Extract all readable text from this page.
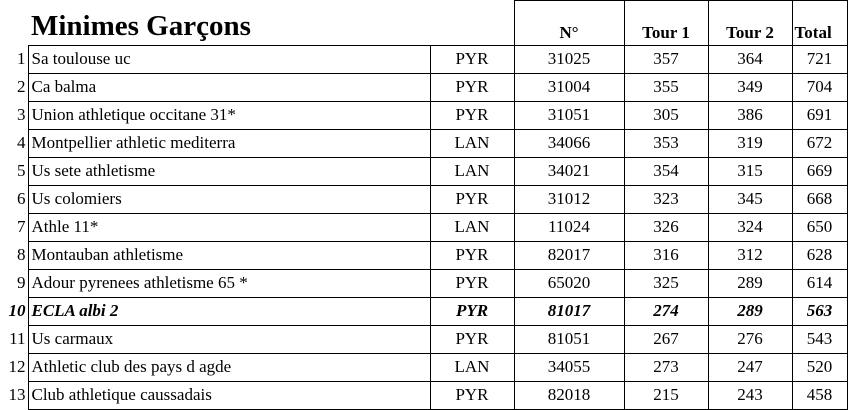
	Minimes Garçons		N°	Tour 1	Tour 2	Total
1	Sa toulouse uc	PYR	31025	357	364	721
2	Ca balma	PYR	31004	355	349	704
3	Union athletique occitane 31*	PYR	31051	305	386	691
4	Montpellier athletic mediterra	LAN	34066	353	319	672
5	Us sete athletisme	LAN	34021	354	315	669
6	Us colomiers	PYR	31012	323	345	668
7	Athle 11*	LAN	11024	326	324	650
8	Montauban athletisme	PYR	82017	316	312	628
9	Adour pyrenees athletisme 65 *	PYR	65020	325	289	614
10	ECLA albi 2	PYR	81017	274	289	563
11	Us carmaux	PYR	81051	267	276	543
12	Athletic club des pays d agde	LAN	34055	273	247	520
13	Club athletique caussadais	PYR	82018	215	243	458
